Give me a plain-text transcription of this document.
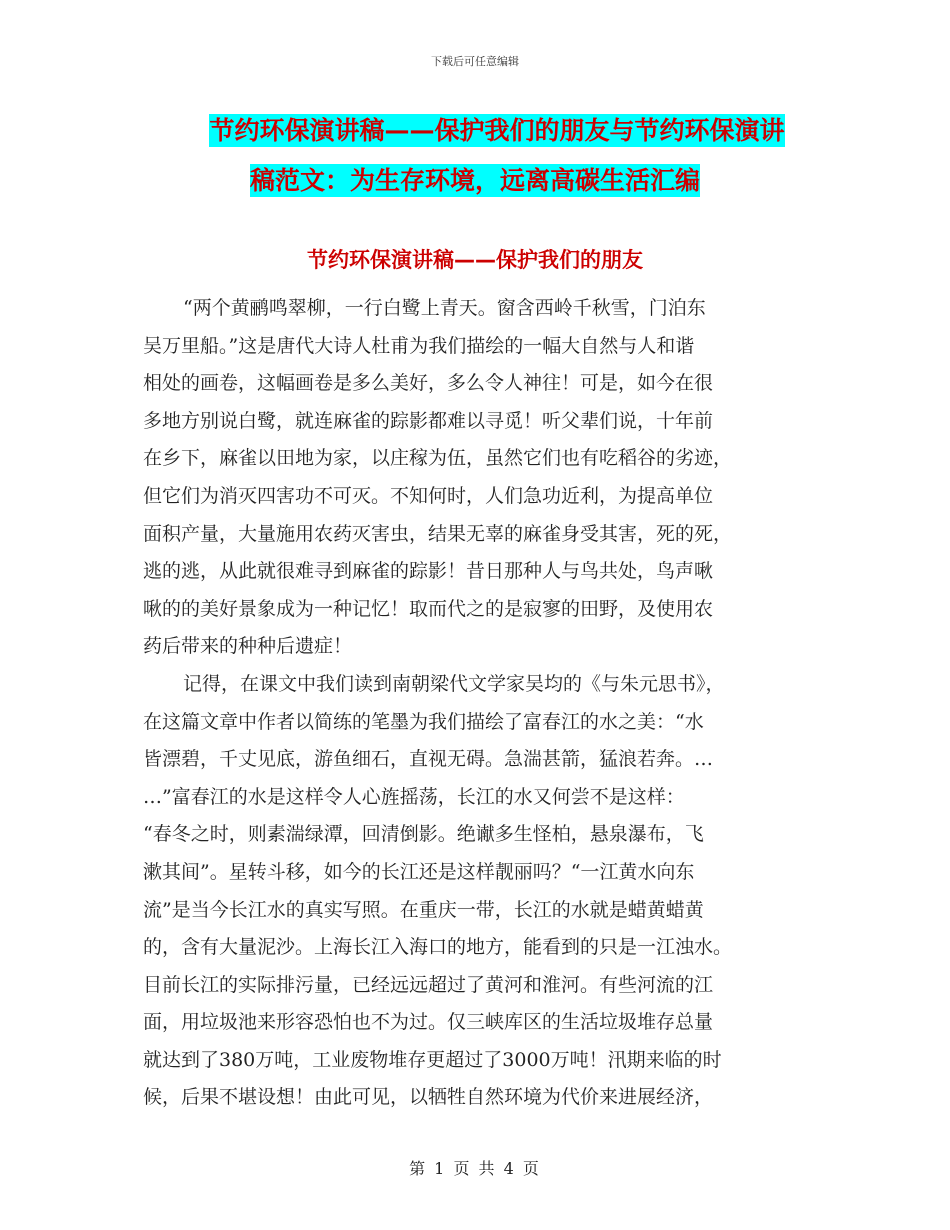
下载后可任意编辑
节约环保演讲稿——保护我们的朋友与节约环保演讲
稿范文：为生存环境，远离高碳生活汇编
节约环保演讲稿——保护我们的朋友
“两个黄鹂鸣翠柳，一行白鹭上青天。窗含西岭千秋雪，门泊东
吴万里船。”这是唐代大诗人杜甫为我们描绘的一幅大自然与人和谐
相处的画卷，这幅画卷是多么美好，多么令人神往！可是，如今在很
多地方别说白鹭，就连麻雀的踪影都难以寻觅！听父辈们说，十年前
在乡下，麻雀以田地为家，以庄稼为伍，虽然它们也有吃稻谷的劣迹，
但它们为消灭四害功不可灭。不知何时，人们急功近利，为提高单位
面积产量，大量施用农药灭害虫，结果无辜的麻雀身受其害，死的死，
逃的逃，从此就很难寻到麻雀的踪影！昔日那种人与鸟共处，鸟声啾
啾的的美好景象成为一种记忆！取而代之的是寂寥的田野，及使用农
药后带来的种种后遗症！
记得，在课文中我们读到南朝梁代文学家吴均的《与朱元思书》，
在这篇文章中作者以简练的笔墨为我们描绘了富春江的水之美：“水
皆漂碧，千丈见底，游鱼细石，直视无碍。急湍甚箭，猛浪若奔。…
…”富春江的水是这样令人心旌摇荡，长江的水又何尝不是这样：
“春冬之时，则素湍绿潭，回清倒影。绝谳多生怪柏，悬泉瀑布，飞
漱其间”。星转斗移，如今的长江还是这样靓丽吗？“一江黄水向东
流”是当今长江水的真实写照。在重庆一带，长江的水就是蜡黄蜡黄
的，含有大量泥沙。上海长江入海口的地方，能看到的只是一江浊水。
目前长江的实际排污量，已经远远超过了黄河和淮河。有些河流的江
面，用垃圾池来形容恐怕也不为过。仅三峡库区的生活垃圾堆存总量
就达到了380万吨，工业废物堆存更超过了3000万吨！汛期来临的时
候，后果不堪设想！由此可见，以牺牲自然环境为代价来进展经济，
第 1 页 共 4 页
